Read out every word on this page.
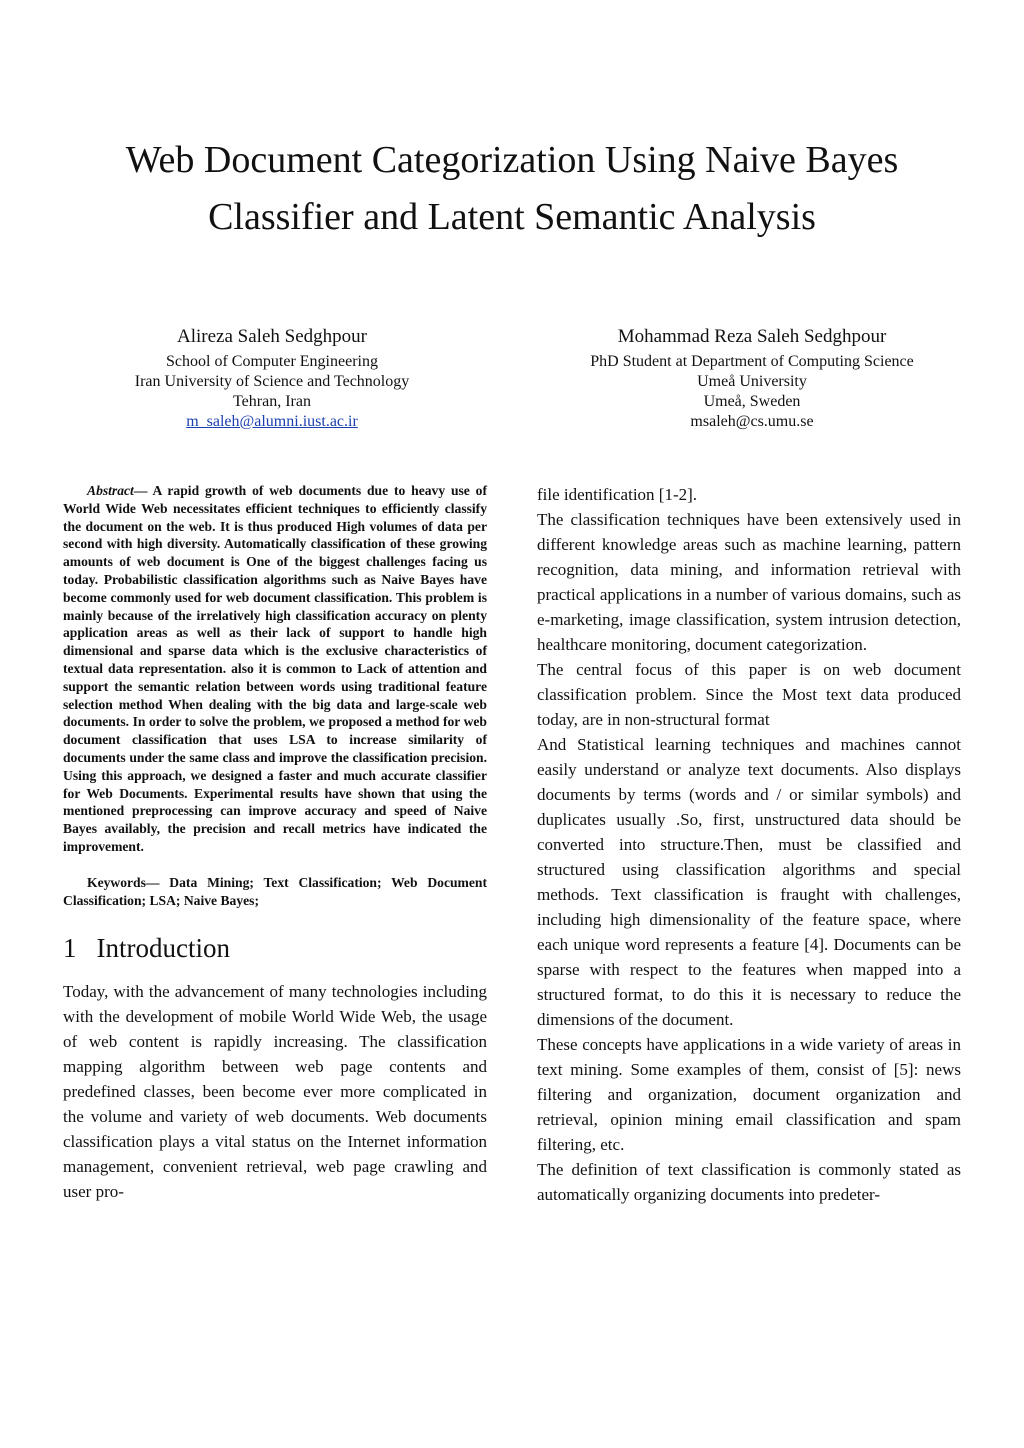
Web Document Categorization Using Naive Bayes
Classifier and Latent Semantic Analysis
Alireza Saleh Sedghpour
School of Computer Engineering
Iran University of Science and Technology
Tehran, Iran
m_saleh@alumni.iust.ac.ir
Mohammad Reza Saleh Sedghpour
PhD Student at Department of Computing Science
Umeå University
Umeå, Sweden
msaleh@cs.umu.se

Abstract— A rapid growth of web documents due to heavy use of World Wide Web necessitates efficient techniques to efficiently classify the document on the web. It is thus produced High volumes of data per second with high diversity. Automatically classification of these growing amounts of web document is One of the biggest challenges facing us today. Probabilistic classification algorithms such as Naive Bayes have become commonly used for web document classification. This problem is mainly because of the irrelatively high classification accuracy on plenty application areas as well as their lack of support to handle high dimensional and sparse data which is the exclusive characteristics of textual data representation. also it is common to Lack of attention and support the semantic relation between words using traditional feature selection method When dealing with the big data and large-scale web documents. In order to solve the problem, we proposed a method for web document classification that uses LSA to increase similarity of documents under the same class and improve the classification precision. Using this approach, we designed a faster and much accurate classifier for Web Documents. Experimental results have shown that using the mentioned preprocessing can improve accuracy and speed of Naive Bayes availably, the precision and recall metrics have indicated the improvement.

Keywords— Data Mining; Text Classification; Web Document Classification; LSA; Naive Bayes;

1 Introduction

Today, with the advancement of many technologies including with the development of mobile World Wide Web, the usage of web content is rapidly increasing. The classification mapping algorithm between web page contents and predefined classes, been become ever more complicated in the volume and variety of web documents. Web documents classification plays a vital status on the Internet information management, convenient retrieval, web page crawling and user pro-

file identification [1-2].

The classification techniques have been extensively used in different knowledge areas such as machine learning, pattern recognition, data mining, and information retrieval with practical applications in a number of various domains, such as e-marketing, image classification, system intrusion detection, healthcare monitoring, document categorization.

The central focus of this paper is on web document classification problem. Since the Most text data produced today, are in non-structural format

And Statistical learning techniques and machines cannot easily understand or analyze text documents. Also displays documents by terms (words and / or similar symbols) and duplicates usually .So, first, unstructured data should be converted into structure.Then, must be classified and structured using classification algorithms and special methods. Text classification is fraught with challenges, including high dimensionality of the feature space, where each unique word represents a feature [4]. Documents can be sparse with respect to the features when mapped into a structured format, to do this it is necessary to reduce the dimensions of the document.

These concepts have applications in a wide variety of areas in text mining. Some examples of them, consist of [5]: news filtering and organization, document organization and retrieval, opinion mining email classification and spam filtering, etc.

The definition of text classification is commonly stated as automatically organizing documents into predeter-
